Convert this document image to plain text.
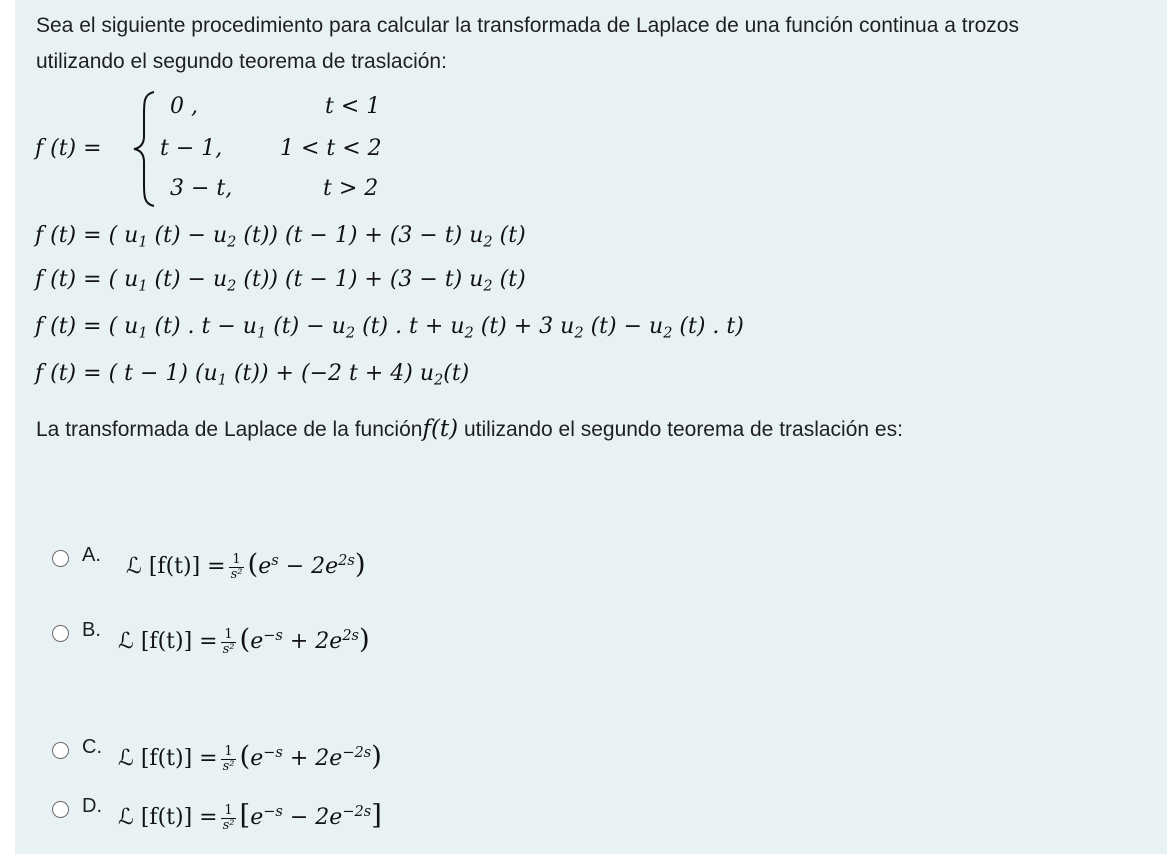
Sea el siguiente procedimiento para calcular la transformada de Laplace de una función continua a trozos
utilizando el segundo teorema de traslación:
f (t) =
0 ,	t < 1
t − 1,	1 < t < 2
3 − t,	t > 2
f (t) = ( $u_1$ $(t) - u_2$ (t)) (t − 1) + (3 − t) $u_2$ (t)
f (t) = ( $u_1$ $(t) - u_2$ (t)) (t − 1) + (3 − t) $u_2$ (t)
f (t) = ( $u_1$ (t) . $t - u_1$ $(t) - u_2$ (t) . $t + u_2$ (t) + 3 $u_2$ $(t) - u_2$ (t) . t)
f (t) = ( t − 1) ($u_1$ (t)) + (−2 t + 4) $u_2(t)$
La transformada de Laplace de la funciónf(t) utilizando el segundo teorema de traslación es:
A. ℒ $[f(t)] = \frac{1}{\text{s²}} (e^s - 2e^{2s})$
B. ℒ $[f(t)] = \frac{1}{\text{s²}} (e^{-s} + 2e^{2s})$
C. ℒ $[f(t)] = \frac{1}{\text{s²}} (e^{-s} + 2e^{-2s})$
D. ℒ $[f(t)] = \frac{1}{\text{s²}} [e^{-s} - 2e^{-2s}]$
